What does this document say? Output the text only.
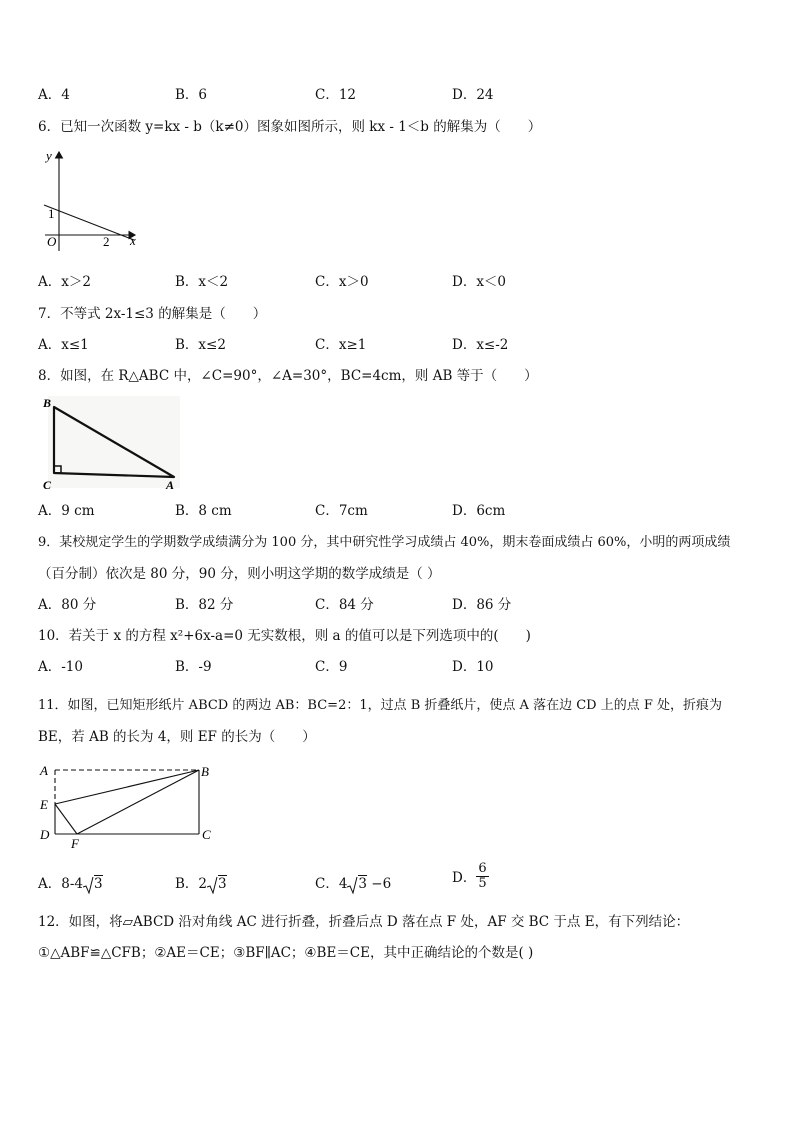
A．4	B．6	C．12	D．24
6．已知一次函数 y=kx - b（k≠0）图象如图所示，则 kx - 1＜b 的解集为（　　）
y
x
O
1
2
A．x＞2	B．x＜2	C．x＞0	D．x＜0
7．不等式 2x-1≤3 的解集是（　　）
A．x≤1	B．x≤2	C．x≥1	D．x≤-2
8．如图，在 R△ABC 中，∠C=90°，∠A=30°，BC=4cm，则 AB 等于（　　）
B
C	A
A．9 cm	B．8 cm	C．7cm	D．6cm
9．某校规定学生的学期数学成绩满分为 100 分，其中研究性学习成绩占 40%，期末卷面成绩占 60%，小明的两项成绩
（百分制）依次是 80 分，90 分，则小明这学期的数学成绩是（ ）
A．80 分	B．82 分	C．84 分	D．86 分
10．若关于 x 的方程 x²+6x-a=0 无实数根，则 a 的值可以是下列选项中的(　　)
A．-10	B．-9	C．9	D．10
11．如图，已知矩形纸片 ABCD 的两边 AB：BC=2：1，过点 B 折叠纸片，使点 A 落在边 CD 上的点 F 处，折痕为
BE，若 AB 的长为 4，则 EF 的长为（　　）
A	B
E
D	C
F
A．8-4 3	B．2 3	C．4 3 −6	D． $\frac{6}{5}$
12．如图，将▱ABCD 沿对角线 AC 进行折叠，折叠后点 D 落在点 F 处，AF 交 BC 于点 E，有下列结论：
①△ABF≌△CFB；②AE＝CE；③BF∥AC；④BE＝CE，其中正确结论的个数是( )
